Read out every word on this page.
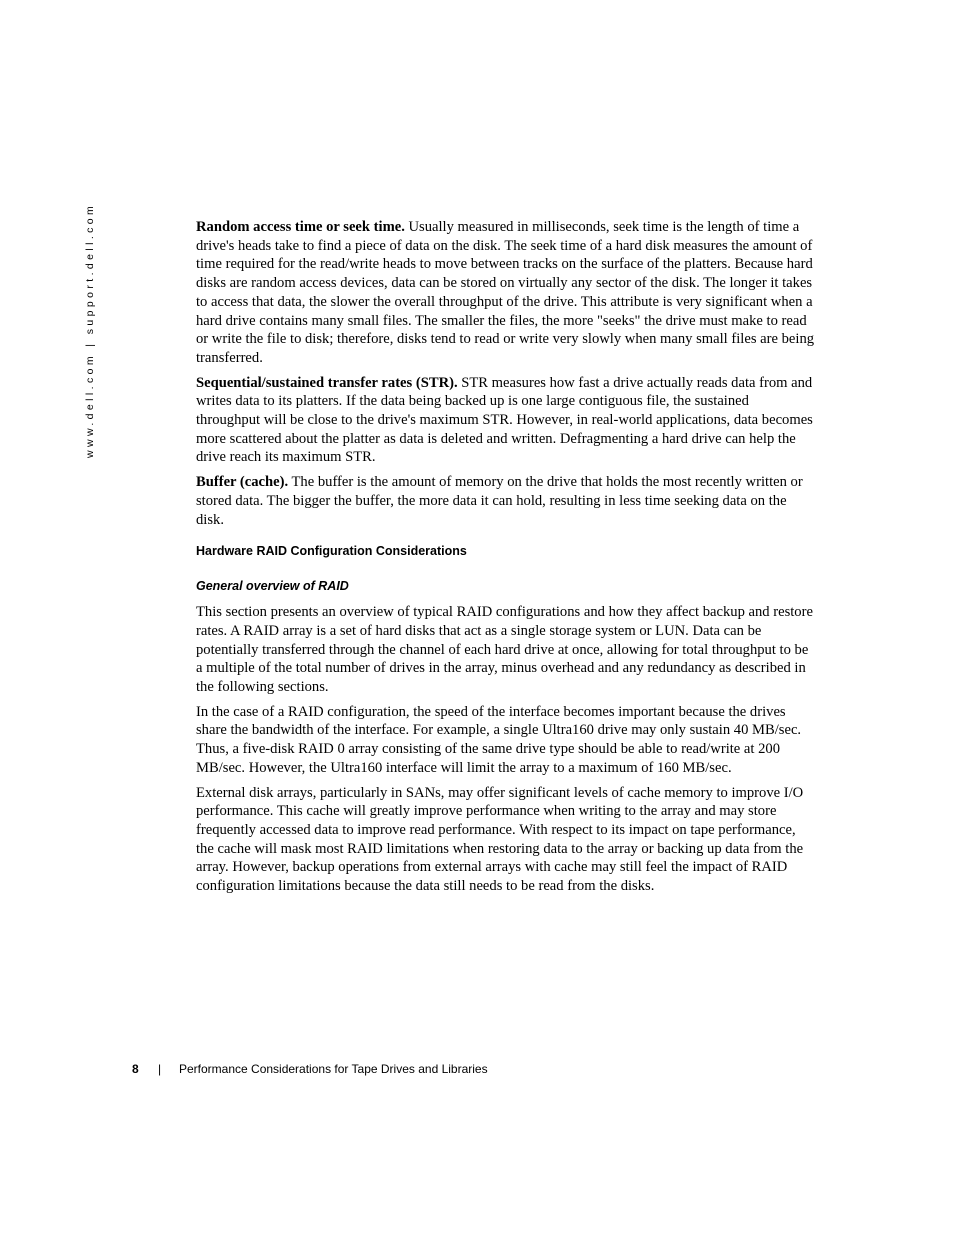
www.dell.com | support.dell.com	Random access time or seek time. Usually measured in milliseconds, seek time is the length of time a drive's heads take to find a piece of data on the disk. The seek time of a hard disk measures the amount of time required for the read/write heads to move between tracks on the surface of the platters. Because hard disks are random access devices, data can be stored on virtually any sector of the disk. The longer it takes to access that data, the slower the overall throughput of the drive. This attribute is very significant when a hard drive contains many small files. The smaller the files, the more "seeks" the drive must make to read or write the file to disk; therefore, disks tend to read or write very slowly when many small files are being transferred.

Sequential/sustained transfer rates (STR). STR measures how fast a drive actually reads data from and writes data to its platters. If the data being backed up is one large contiguous file, the sustained throughput will be close to the drive's maximum STR. However, in real-world applications, data becomes more scattered about the platter as data is deleted and written. Defragmenting a hard drive can help the drive reach its maximum STR.

Buffer (cache). The buffer is the amount of memory on the drive that holds the most recently written or stored data. The bigger the buffer, the more data it can hold, resulting in less time seeking data on the disk.

Hardware RAID Configuration Considerations
General overview of RAID

This section presents an overview of typical RAID configurations and how they affect backup and restore rates. A RAID array is a set of hard disks that act as a single storage system or LUN. Data can be potentially transferred through the channel of each hard drive at once, allowing for total throughput to be a multiple of the total number of drives in the array, minus overhead and any redundancy as described in the following sections.

In the case of a RAID configuration, the speed of the interface becomes important because the drives share the bandwidth of the interface. For example, a single Ultra160 drive may only sustain 40 MB/sec. Thus, a five-disk RAID 0 array consisting of the same drive type should be able to read/write at 200 MB/sec. However, the Ultra160 interface will limit the array to a maximum of 160 MB/sec.

External disk arrays, particularly in SANs, may offer significant levels of cache memory to improve I/O performance. This cache will greatly improve performance when writing to the array and may store frequently accessed data to improve read performance. With respect to its impact on tape performance, the cache will mask most RAID limitations when restoring data to the array or backing up data from the array. However, backup operations from external arrays with cache may still feel the impact of RAID configuration limitations because the data still needs to be read from the disks.

8 | Performance Considerations for Tape Drives and Libraries
